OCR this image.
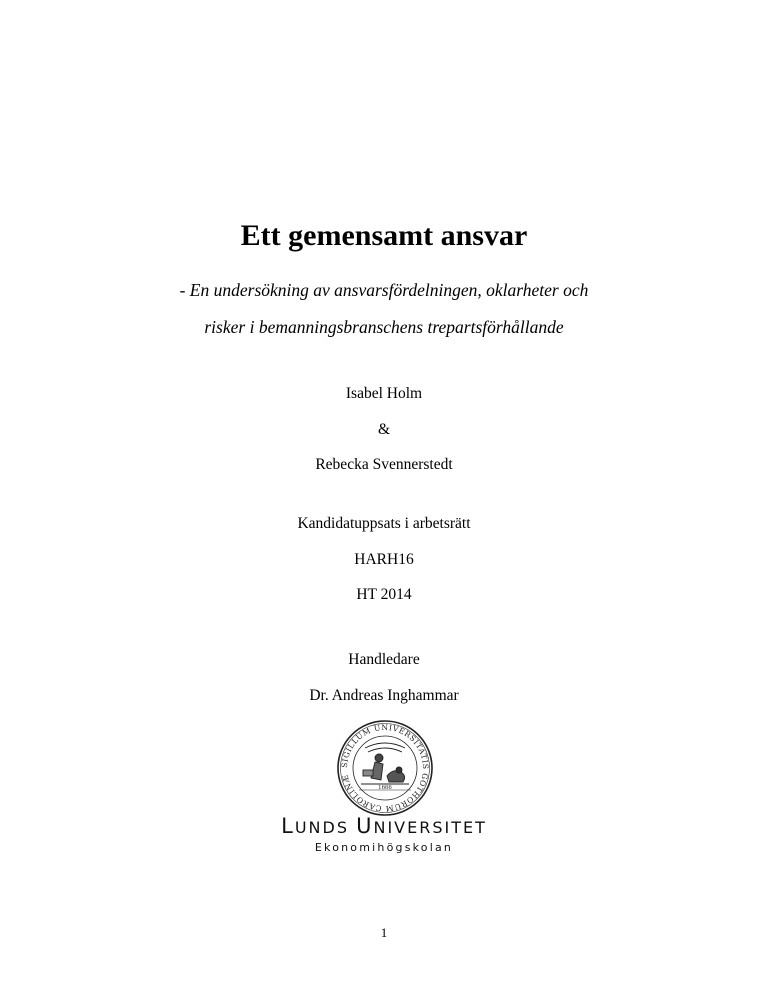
Ett gemensamt ansvar
- En undersökning av ansvarsfördelningen, oklarheter och
risker i bemanningsbranschens trepartsförhållande
Isabel Holm
&
Rebecka Svennerstedt
Kandidatuppsats i arbetsrätt
HARH16
HT 2014
Handledare
Dr. Andreas Inghammar
SIGILLUM UNIVERSITATIS GOTHORUM CAROLINÆ
1666
LUNDS UNIVERSITET
Ekonomihögskolan
1
